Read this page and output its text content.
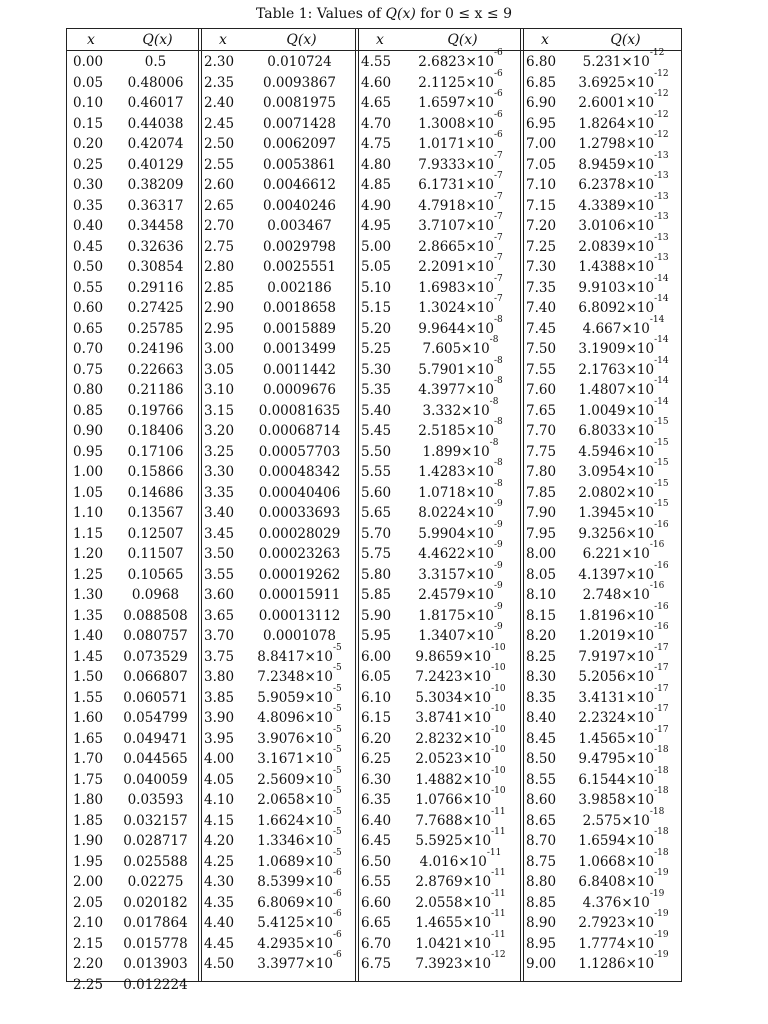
Table 1: Values of Q(x) for 0 ≤ x ≤ 9
x	Q(x)
0.00	0.5
0.05	0.48006
0.10	0.46017
0.15	0.44038
0.20	0.42074
0.25	0.40129
0.30	0.38209
0.35	0.36317
0.40	0.34458
0.45	0.32636
0.50	0.30854
0.55	0.29116
0.60	0.27425
0.65	0.25785
0.70	0.24196
0.75	0.22663
0.80	0.21186
0.85	0.19766
0.90	0.18406
0.95	0.17106
1.00	0.15866
1.05	0.14686
1.10	0.13567
1.15	0.12507
1.20	0.11507
1.25	0.10565
1.30	0.0968
1.35	0.088508
1.40	0.080757
1.45	0.073529
1.50	0.066807
1.55	0.060571
1.60	0.054799
1.65	0.049471
1.70	0.044565
1.75	0.040059
1.80	0.03593
1.85	0.032157
1.90	0.028717
1.95	0.025588
2.00	0.02275
2.05	0.020182
2.10	0.017864
2.15	0.015778
2.20	0.013903
2.25	0.012224
x	Q(x)
2.30	0.010724
2.35	0.0093867
2.40	0.0081975
2.45	0.0071428
2.50	0.0062097
2.55	0.0053861
2.60	0.0046612
2.65	0.0040246
2.70	0.003467
2.75	0.0029798
2.80	0.0025551
2.85	0.002186
2.90	0.0018658
2.95	0.0015889
3.00	0.0013499
3.05	0.0011442
3.10	0.0009676
3.15	0.00081635
3.20	0.00068714
3.25	0.00057703
3.30	0.00048342
3.35	0.00040406
3.40	0.00033693
3.45	0.00028029
3.50	0.00023263
3.55	0.00019262
3.60	0.00015911
3.65	0.00013112
3.70	0.0001078
3.75	$8.8417\times 10^{-5}$
3.80	$7.2348\times 10^{-5}$
3.85	$5.9059\times 10^{-5}$
3.90	$4.8096\times 10^{-5}$
3.95	$3.9076\times 10^{-5}$
4.00	$3.1671\times 10^{-5}$
4.05	$2.5609\times 10^{-5}$
4.10	$2.0658\times 10^{-5}$
4.15	$1.6624\times 10^{-5}$
4.20	$1.3346\times 10^{-5}$
4.25	$1.0689\times 10^{-5}$
4.30	$8.5399\times 10^{-6}$
4.35	$6.8069\times 10^{-6}$
4.40	$5.4125\times 10^{-6}$
4.45	$4.2935\times 10^{-6}$
4.50	$3.3977\times 10^{-6}$
x	Q(x)
4.55	$2.6823\times 10^{-6}$
4.60	$2.1125\times 10^{-6}$
4.65	$1.6597\times 10^{-6}$
4.70	$1.3008\times 10^{-6}$
4.75	$1.0171\times 10^{-6}$
4.80	$7.9333\times 10^{-7}$
4.85	$6.1731\times 10^{-7}$
4.90	$4.7918\times 10^{-7}$
4.95	$3.7107\times 10^{-7}$
5.00	$2.8665\times 10^{-7}$
5.05	$2.2091\times 10^{-7}$
5.10	$1.6983\times 10^{-7}$
5.15	$1.3024\times 10^{-7}$
5.20	$9.9644\times 10^{-8}$
5.25	$7.605\times 10^{-8}$
5.30	$5.7901\times 10^{-8}$
5.35	$4.3977\times 10^{-8}$
5.40	$3.332\times 10^{-8}$
5.45	$2.5185\times 10^{-8}$
5.50	$1.899\times 10^{-8}$
5.55	$1.4283\times 10^{-8}$
5.60	$1.0718\times 10^{-8}$
5.65	$8.0224\times 10^{-9}$
5.70	$5.9904\times 10^{-9}$
5.75	$4.4622\times 10^{-9}$
5.80	$3.3157\times 10^{-9}$
5.85	$2.4579\times 10^{-9}$
5.90	$1.8175\times 10^{-9}$
5.95	$1.3407\times 10^{-9}$
6.00	$9.8659\times 10^{-10}$
6.05	$7.2423\times 10^{-10}$
6.10	$5.3034\times 10^{-10}$
6.15	$3.8741\times 10^{-10}$
6.20	$2.8232\times 10^{-10}$
6.25	$2.0523\times 10^{-10}$
6.30	$1.4882\times 10^{-10}$
6.35	$1.0766\times 10^{-10}$
6.40	$7.7688\times 10^{-11}$
6.45	$5.5925\times 10^{-11}$
6.50	$4.016\times 10^{-11}$
6.55	$2.8769\times 10^{-11}$
6.60	$2.0558\times 10^{-11}$
6.65	$1.4655\times 10^{-11}$
6.70	$1.0421\times 10^{-11}$
6.75	$7.3923\times 10^{-12}$
x	Q(x)
6.80	$5.231\times 10^{-12}$
6.85	$3.6925\times 10^{-12}$
6.90	$2.6001\times 10^{-12}$
6.95	$1.8264\times 10^{-12}$
7.00	$1.2798\times 10^{-12}$
7.05	$8.9459\times 10^{-13}$
7.10	$6.2378\times 10^{-13}$
7.15	$4.3389\times 10^{-13}$
7.20	$3.0106\times 10^{-13}$
7.25	$2.0839\times 10^{-13}$
7.30	$1.4388\times 10^{-13}$
7.35	$9.9103\times 10^{-14}$
7.40	$6.8092\times 10^{-14}$
7.45	$4.667\times 10^{-14}$
7.50	$3.1909\times 10^{-14}$
7.55	$2.1763\times 10^{-14}$
7.60	$1.4807\times 10^{-14}$
7.65	$1.0049\times 10^{-14}$
7.70	$6.8033\times 10^{-15}$
7.75	$4.5946\times 10^{-15}$
7.80	$3.0954\times 10^{-15}$
7.85	$2.0802\times 10^{-15}$
7.90	$1.3945\times 10^{-15}$
7.95	$9.3256\times 10^{-16}$
8.00	$6.221\times 10^{-16}$
8.05	$4.1397\times 10^{-16}$
8.10	$2.748\times 10^{-16}$
8.15	$1.8196\times 10^{-16}$
8.20	$1.2019\times 10^{-16}$
8.25	$7.9197\times 10^{-17}$
8.30	$5.2056\times 10^{-17}$
8.35	$3.4131\times 10^{-17}$
8.40	$2.2324\times 10^{-17}$
8.45	$1.4565\times 10^{-17}$
8.50	$9.4795\times 10^{-18}$
8.55	$6.1544\times 10^{-18}$
8.60	$3.9858\times 10^{-18}$
8.65	$2.575\times 10^{-18}$
8.70	$1.6594\times 10^{-18}$
8.75	$1.0668\times 10^{-18}$
8.80	$6.8408\times 10^{-19}$
8.85	$4.376\times 10^{-19}$
8.90	$2.7923\times 10^{-19}$
8.95	$1.7774\times 10^{-19}$
9.00	$1.1286\times 10^{-19}$
